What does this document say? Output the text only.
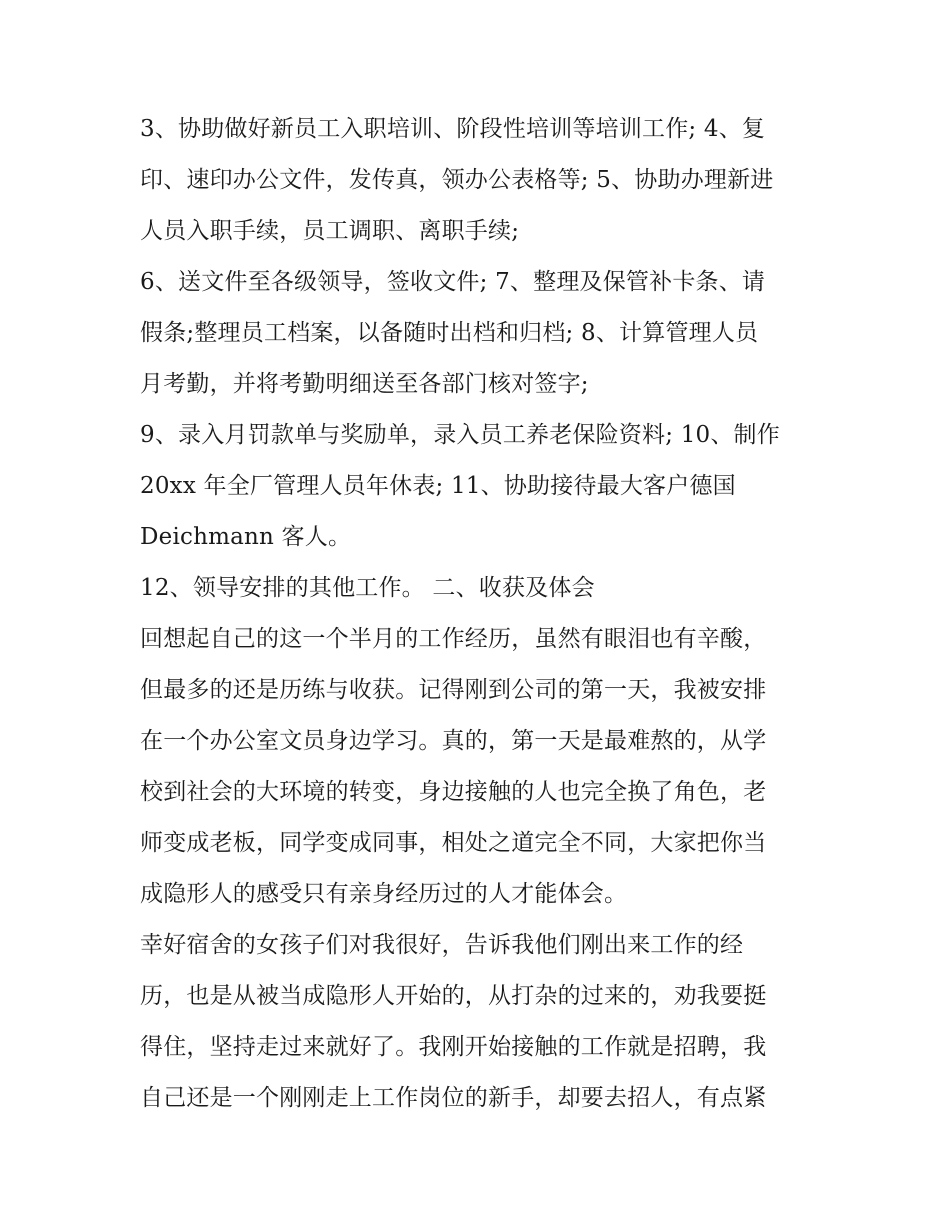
3、协助做好新员工入职培训、阶段性培训等培训工作; 4、复

印、速印办公文件，发传真，领办公表格等; 5、协助办理新进

人员入职手续，员工调职、离职手续;

6、送文件至各级领导，签收文件; 7、整理及保管补卡条、请

假条;整理员工档案，以备随时出档和归档; 8、计算管理人员

月考勤，并将考勤明细送至各部门核对签字;

9、录入月罚款单与奖励单，录入员工养老保险资料; 10、制作

20xx 年全厂管理人员年休表; 11、协助接待最大客户德国

Deichmann 客人。

12、领导安排的其他工作。 二、收获及体会

回想起自己的这一个半月的工作经历，虽然有眼泪也有辛酸，

但最多的还是历练与收获。记得刚到公司的第一天，我被安排

在一个办公室文员身边学习。真的，第一天是最难熬的，从学

校到社会的大环境的转变，身边接触的人也完全换了角色，老

师变成老板，同学变成同事，相处之道完全不同，大家把你当

成隐形人的感受只有亲身经历过的人才能体会。

幸好宿舍的女孩子们对我很好，告诉我他们刚出来工作的经

历，也是从被当成隐形人开始的，从打杂的过来的，劝我要挺

得住，坚持走过来就好了。我刚开始接触的工作就是招聘，我

自己还是一个刚刚走上工作岗位的新手，却要去招人，有点紧
